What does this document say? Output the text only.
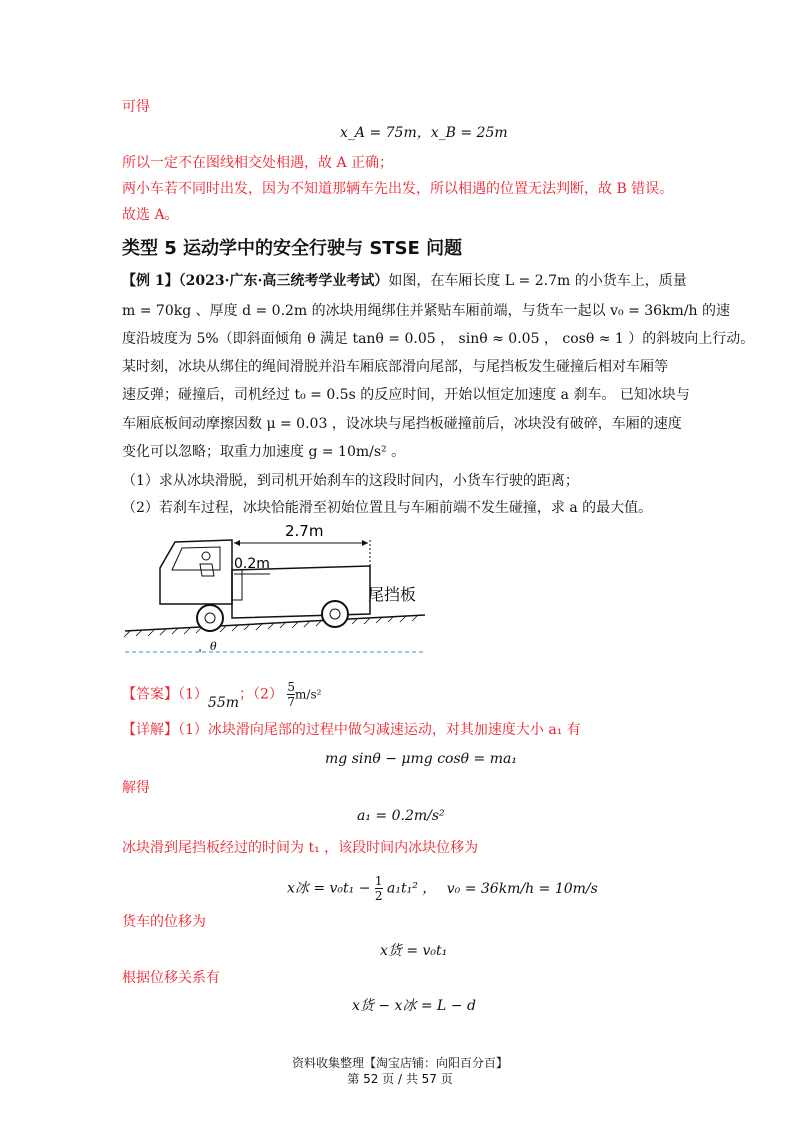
可得
x_A = 75m，x_B = 25m
所以一定不在图线相交处相遇，故 A 正确；
两小车若不同时出发，因为不知道那辆车先出发，所以相遇的位置无法判断，故 B 错误。
故选 A。
类型 5 运动学中的安全行驶与 STSE 问题
【例 1】（2023·广东·高三统考学业考试）如图，在车厢长度 L = 2.7m 的小货车上，质量
m = 70kg 、厚度 d = 0.2m 的冰块用绳绑住并紧贴车厢前端，与货车一起以 v₀ = 36km/h 的速
度沿坡度为 5%（即斜面倾角 θ 满足 tanθ = 0.05 ， sinθ ≈ 0.05 ， cosθ ≈ 1 ）的斜坡向上行动。
某时刻，冰块从绑住的绳间滑脱并沿车厢底部滑向尾部，与尾挡板发生碰撞后相对车厢等
速反弹；碰撞后，司机经过 t₀ = 0.5s 的反应时间，开始以恒定加速度 a 刹车。 已知冰块与
车厢底板间动摩擦因数 μ = 0.03 ，设冰块与尾挡板碰撞前后，冰块没有破碎，车厢的速度
变化可以忽略；取重力加速度 g = 10m/s² 。
（1）求从冰块滑脱，到司机开始刹车的这段时间内，小货车行驶的距离；
（2）若刹车过程，冰块恰能滑至初始位置且与车厢前端不发生碰撞，求 a 的最大值。
θ
2.7m
0.2m
尾挡板
【答案】（1）55m；$(2) \frac{5}{7} m/s^2$
【详解】（1）冰块滑向尾部的过程中做匀减速运动，对其加速度大小 a₁ 有
mg sinθ − μmg cosθ = ma₁
解得
a₁ = 0.2m/s²
冰块滑到尾挡板经过的时间为 t₁ ，该段时间内冰块位移为
x冰 = $v_0t_1 - \frac{1}{2} a_1t_1^2$ ， v₀ = 36km/h = 10m/s
货车的位移为
x货 = v₀t₁
根据位移关系有
x货 − x冰 = L − d
资料收集整理【淘宝店铺：向阳百分百】
第 52 页 / 共 57 页
